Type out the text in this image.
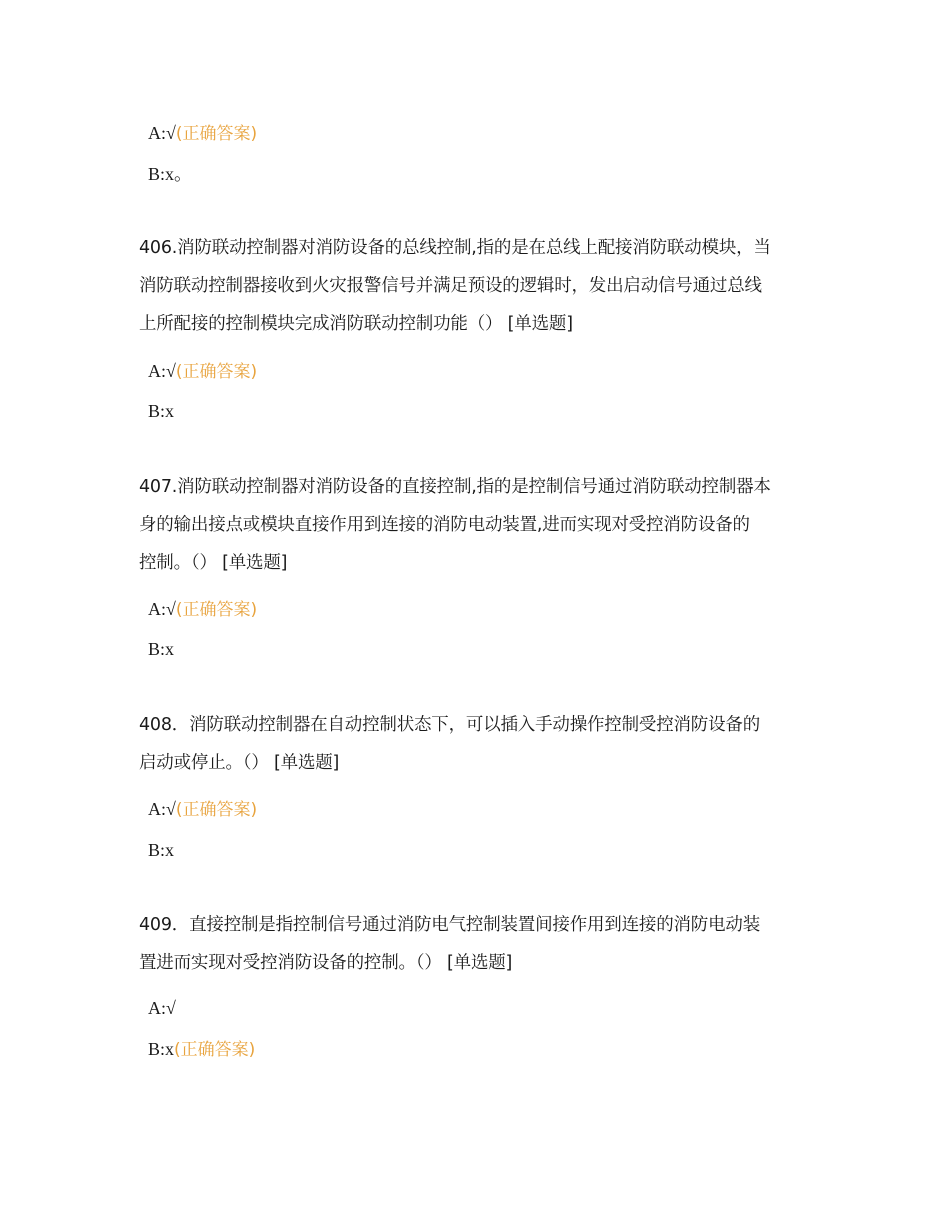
A:√(正确答案)
B:x。
406.消防联动控制器对消防设备的总线控制,指的是在总线上配接消防联动模块，当
消防联动控制器接收到火灾报警信号并满足预设的逻辑时，发出启动信号通过总线
上所配接的控制模块完成消防联动控制功能（） [单选题]
A:√(正确答案)
B:x
407.消防联动控制器对消防设备的直接控制,指的是控制信号通过消防联动控制器本
身的输出接点或模块直接作用到连接的消防电动装置,进而实现对受控消防设备的
控制。（） [单选题]
A:√(正确答案)
B:x
408．消防联动控制器在自动控制状态下，可以插入手动操作控制受控消防设备的
启动或停止。（） [单选题]
A:√(正确答案)
B:x
409．直接控制是指控制信号通过消防电气控制装置间接作用到连接的消防电动装
置进而实现对受控消防设备的控制。（） [单选题]
A:√
B:x(正确答案)
